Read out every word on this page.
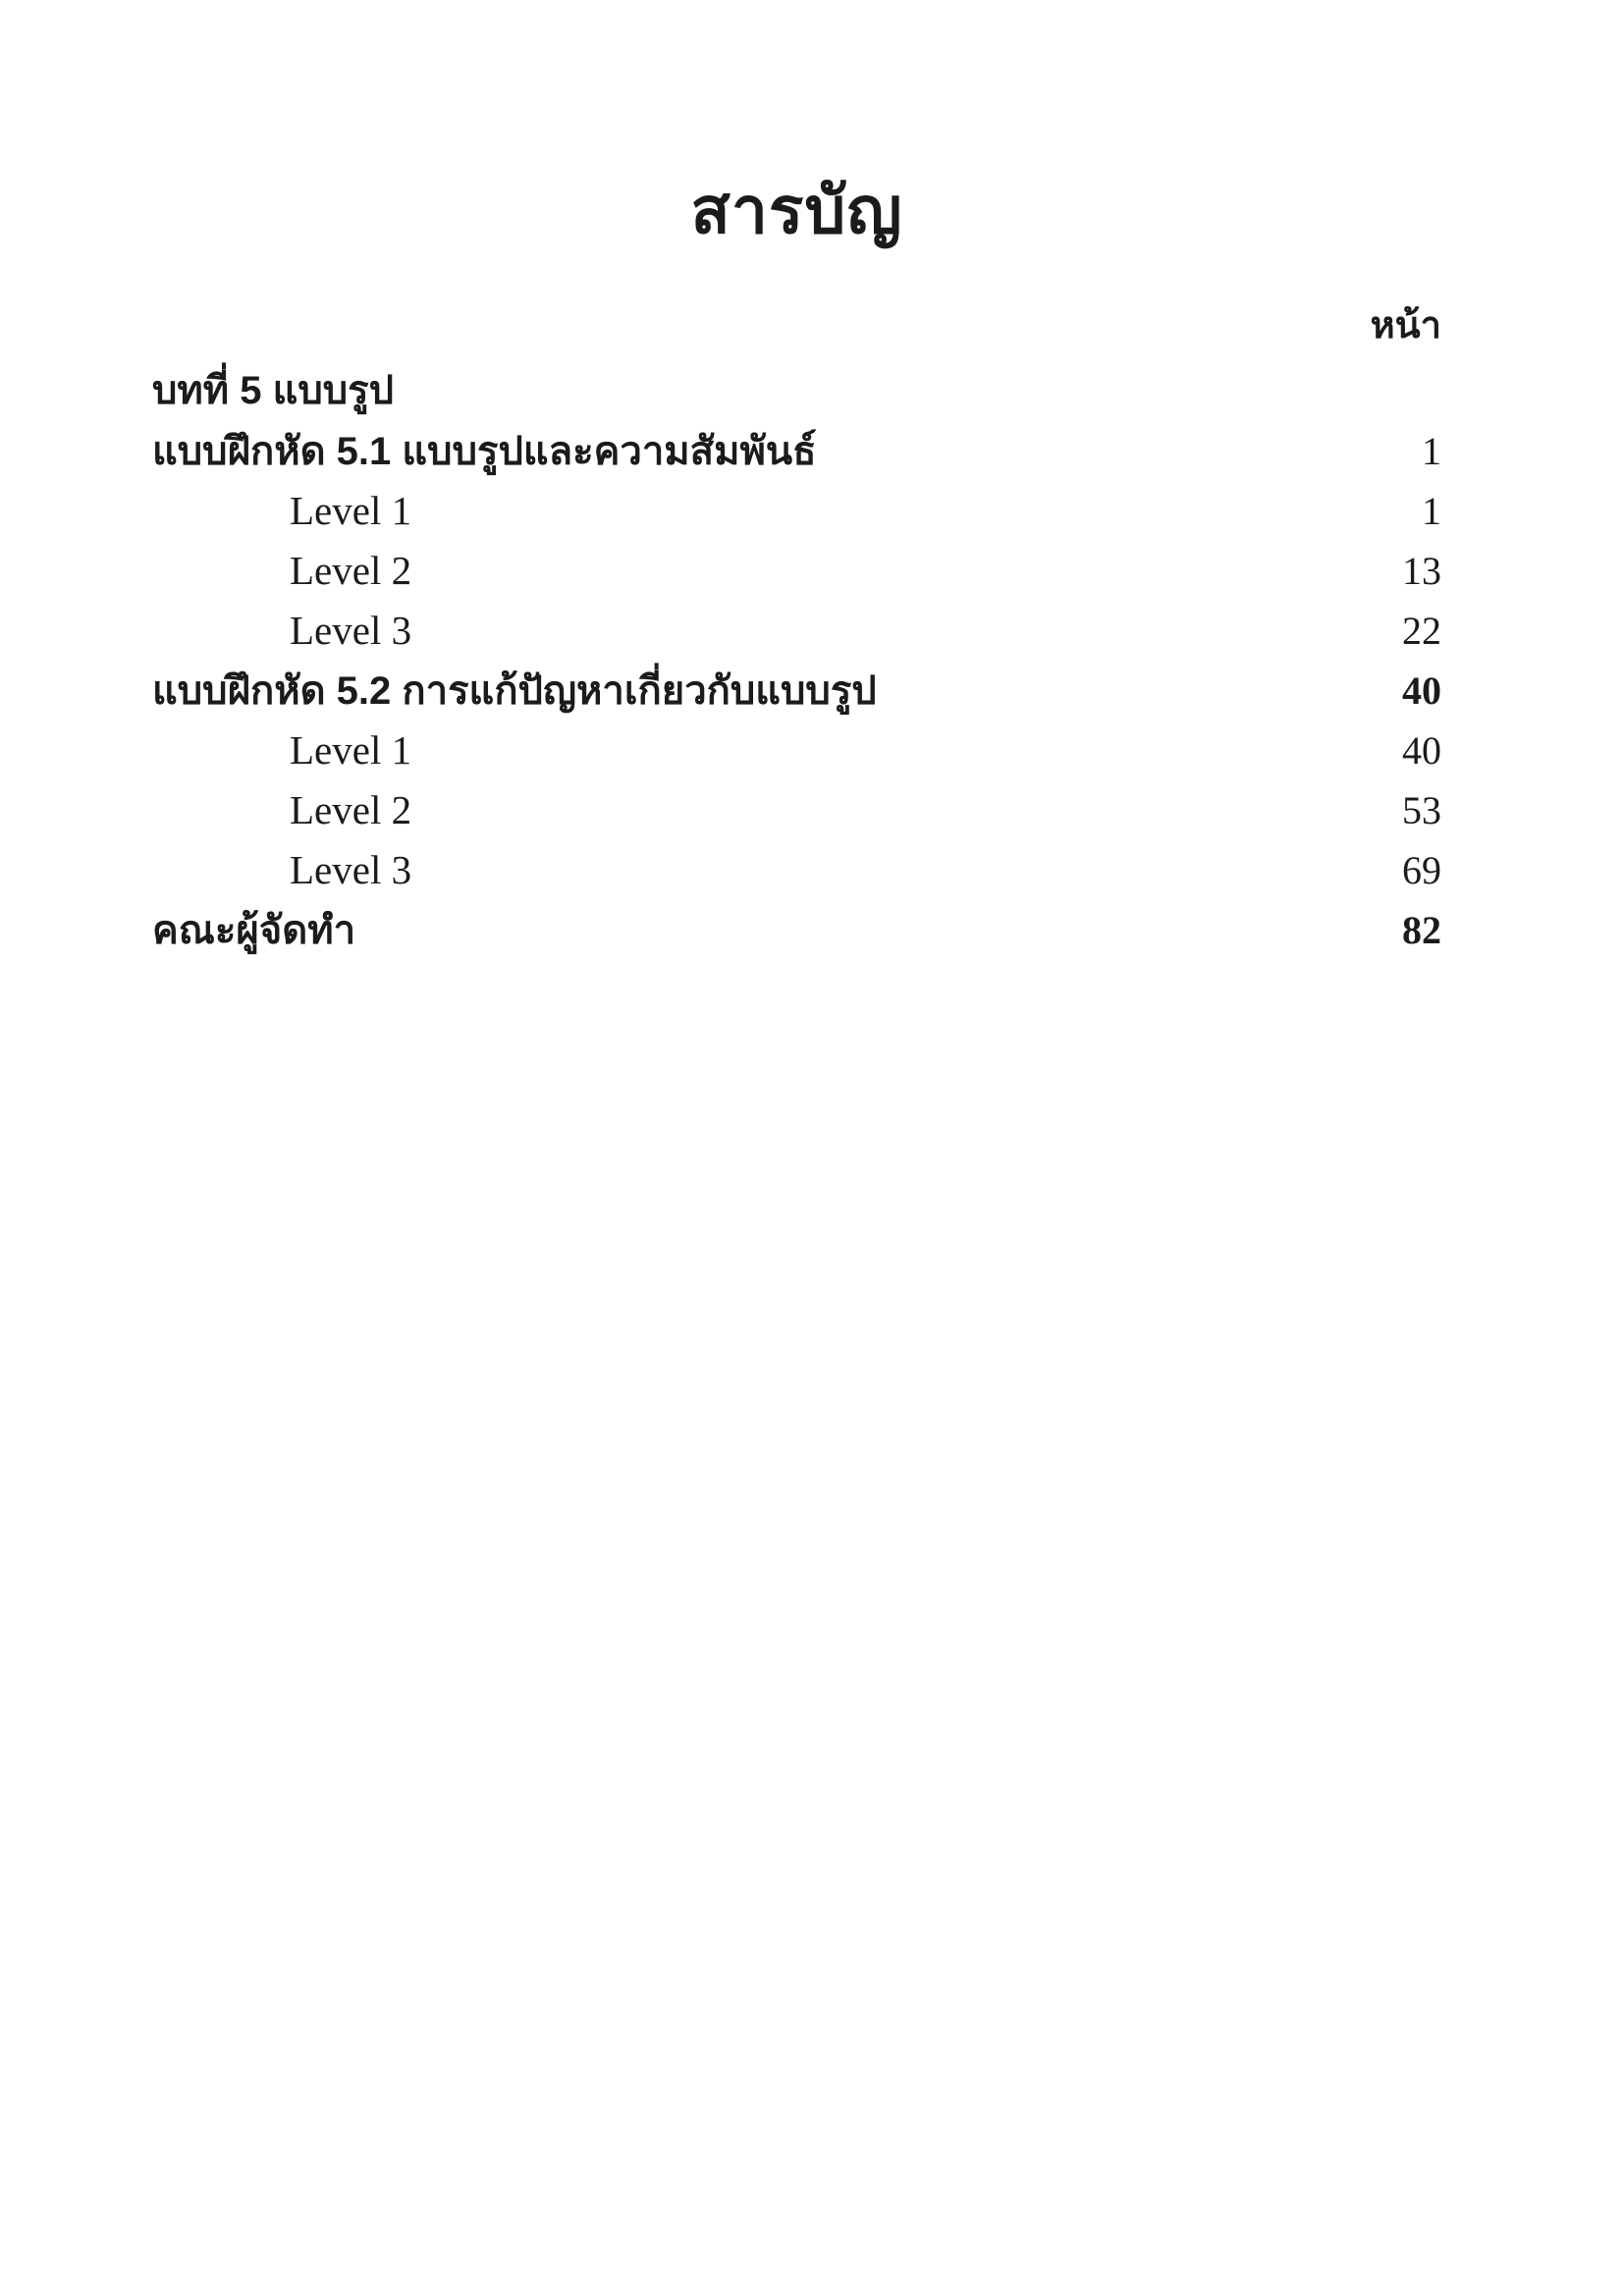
สารบัญ
หน้า
บทที่ 5 แบบรูป
แบบฝึกหัด 5.1 แบบรูปและความสัมพันธ์	1
Level 1	1
Level 2	13
Level 3	22
แบบฝึกหัด 5.2 การแก้ปัญหาเกี่ยวกับแบบรูป	40
Level 1	40
Level 2	53
Level 3	69
คณะผู้จัดทำ	82
